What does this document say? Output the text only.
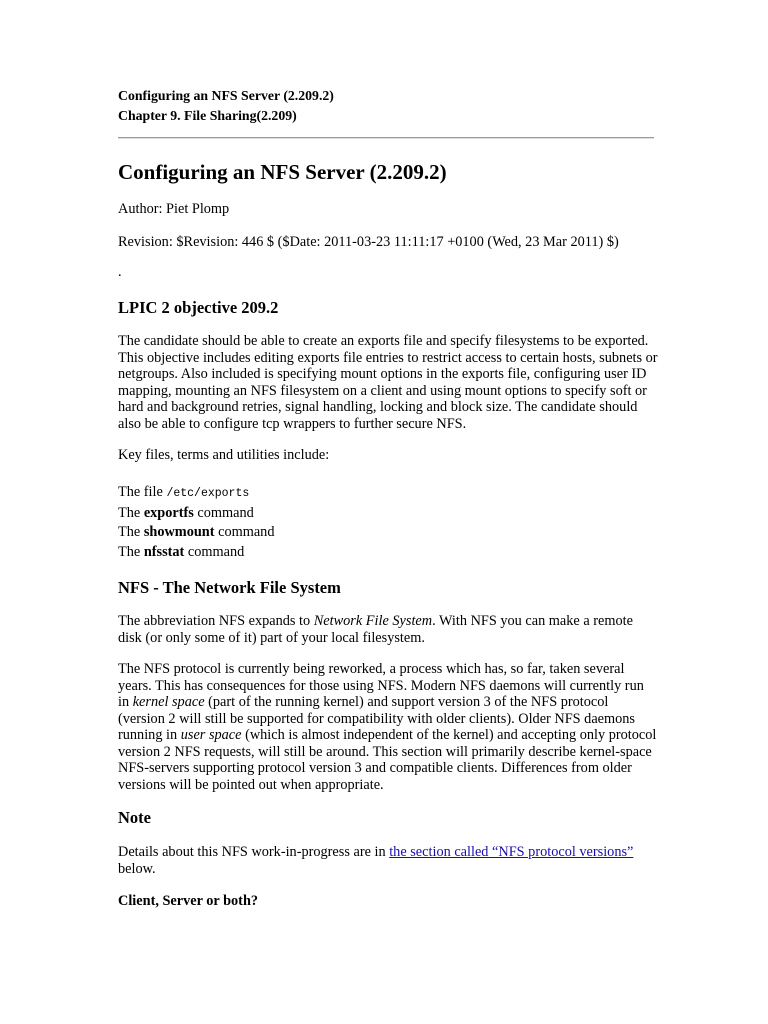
Configuring an NFS Server (2.209.2)
Chapter 9. File Sharing(2.209)
Configuring an NFS Server (2.209.2)
Author: Piet Plomp
Revision: $Revision: 446 $ ($Date: 2011-03-23 11:11:17 +0100 (Wed, 23 Mar 2011) $)
.
LPIC 2 objective 209.2
The candidate should be able to create an exports file and specify filesystems to be exported.
This objective includes editing exports file entries to restrict access to certain hosts, subnets or
netgroups. Also included is specifying mount options in the exports file, configuring user ID
mapping, mounting an NFS filesystem on a client and using mount options to specify soft or
hard and background retries, signal handling, locking and block size. The candidate should
also be able to configure tcp wrappers to further secure NFS.
Key files, terms and utilities include:
The file /etc/exports
The exportfs command
The showmount command
The nfsstat command
NFS - The Network File System
The abbreviation NFS expands to Network File System. With NFS you can make a remote
disk (or only some of it) part of your local filesystem.
The NFS protocol is currently being reworked, a process which has, so far, taken several
years. This has consequences for those using NFS. Modern NFS daemons will currently run
in kernel space (part of the running kernel) and support version 3 of the NFS protocol
(version 2 will still be supported for compatibility with older clients). Older NFS daemons
running in user space (which is almost independent of the kernel) and accepting only protocol
version 2 NFS requests, will still be around. This section will primarily describe kernel-space
NFS-servers supporting protocol version 3 and compatible clients. Differences from older
versions will be pointed out when appropriate.
Note
Details about this NFS work-in-progress are in the section called “NFS protocol versions”
below.
Client, Server or both?
